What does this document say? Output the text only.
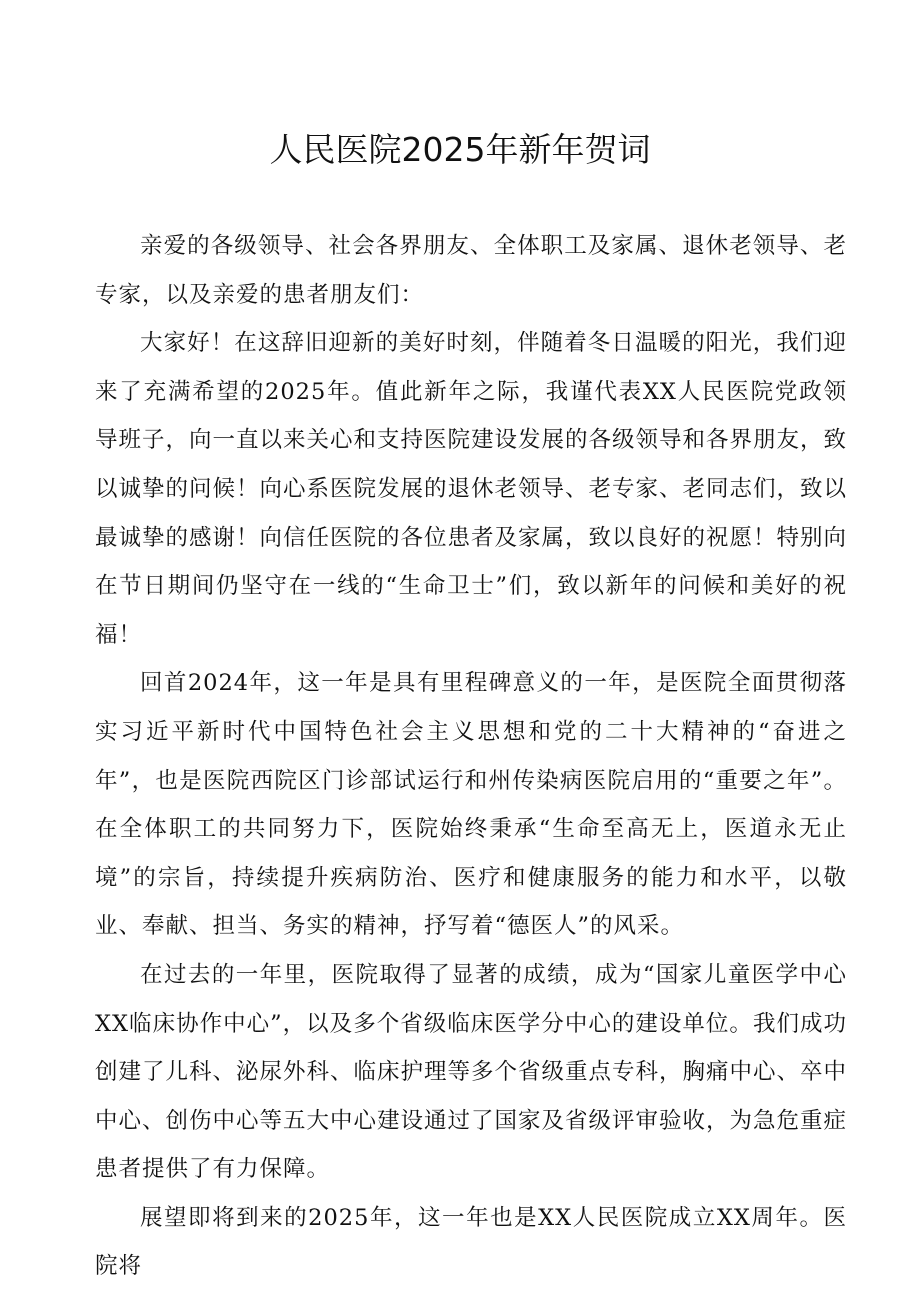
人民医院2025年新年贺词

亲爱的各级领导、社会各界朋友、全体职工及家属、退休老领导、老专家，以及亲爱的患者朋友们：

大家好！在这辞旧迎新的美好时刻，伴随着冬日温暖的阳光，我们迎来了充满希望的2025年。值此新年之际，我谨代表XX人民医院党政领导班子，向一直以来关心和支持医院建设发展的各级领导和各界朋友，致以诚挚的问候！向心系医院发展的退休老领导、老专家、老同志们，致以最诚挚的感谢！向信任医院的各位患者及家属，致以良好的祝愿！特别向在节日期间仍坚守在一线的“生命卫士”们，致以新年的问候和美好的祝福！

回首2024年，这一年是具有里程碑意义的一年，是医院全面贯彻落实习近平新时代中国特色社会主义思想和党的二十大精神的“奋进之年”，也是医院西院区门诊部试运行和州传染病医院启用的“重要之年”。在全体职工的共同努力下，医院始终秉承“生命至高无上，医道永无止境”的宗旨，持续提升疾病防治、医疗和健康服务的能力和水平，以敬业、奉献、担当、务实的精神，抒写着“德医人”的风采。

在过去的一年里，医院取得了显著的成绩，成为“国家儿童医学中心XX临床协作中心”，以及多个省级临床医学分中心的建设单位。我们成功创建了儿科、泌尿外科、临床护理等多个省级重点专科，胸痛中心、卒中中心、创伤中心等五大中心建设通过了国家及省级评审验收，为急危重症患者提供了有力保障。

展望即将到来的2025年，这一年也是XX人民医院成立XX周年。医院将
